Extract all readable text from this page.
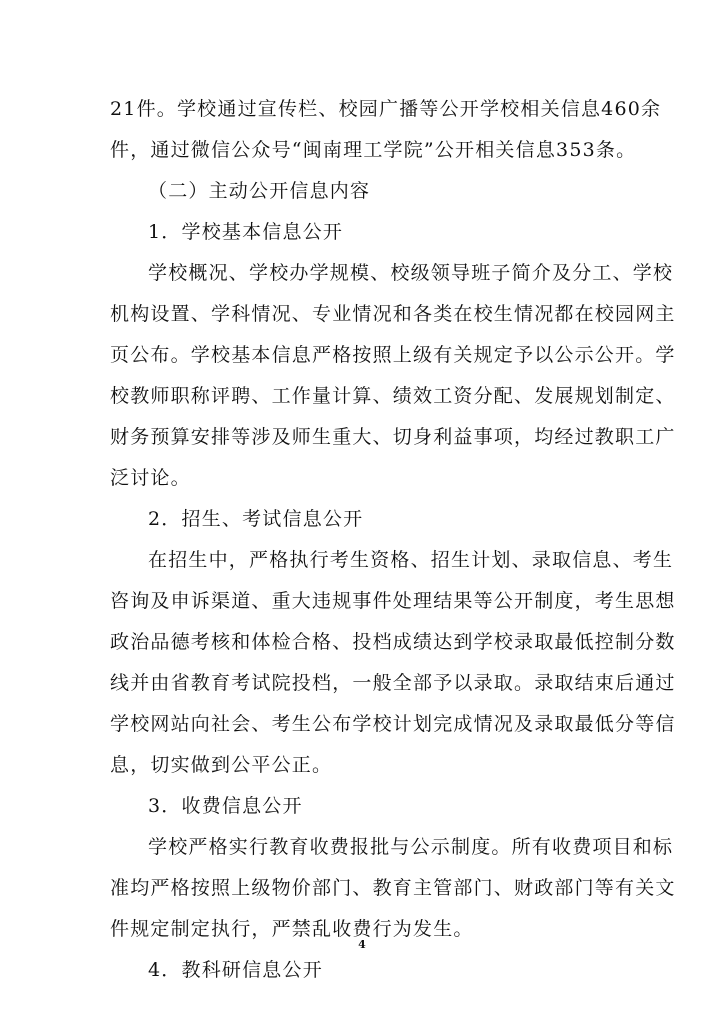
21件。学校通过宣传栏、校园广播等公开学校相关信息460余
件，通过微信公众号“闽南理工学院”公开相关信息353条。
（二）主动公开信息内容
1．学校基本信息公开
学校概况、学校办学规模、校级领导班子简介及分工、学校
机构设置、学科情况、专业情况和各类在校生情况都在校园网主
页公布。学校基本信息严格按照上级有关规定予以公示公开。学
校教师职称评聘、工作量计算、绩效工资分配、发展规划制定、
财务预算安排等涉及师生重大、切身利益事项，均经过教职工广
泛讨论。
2．招生、考试信息公开
在招生中，严格执行考生资格、招生计划、录取信息、考生
咨询及申诉渠道、重大违规事件处理结果等公开制度，考生思想
政治品德考核和体检合格、投档成绩达到学校录取最低控制分数
线并由省教育考试院投档，一般全部予以录取。录取结束后通过
学校网站向社会、考生公布学校计划完成情况及录取最低分等信
息，切实做到公平公正。
3．收费信息公开
学校严格实行教育收费报批与公示制度。所有收费项目和标
准均严格按照上级物价部门、教育主管部门、财政部门等有关文
件规定制定执行，严禁乱收费行为发生。
4．教科研信息公开
4
